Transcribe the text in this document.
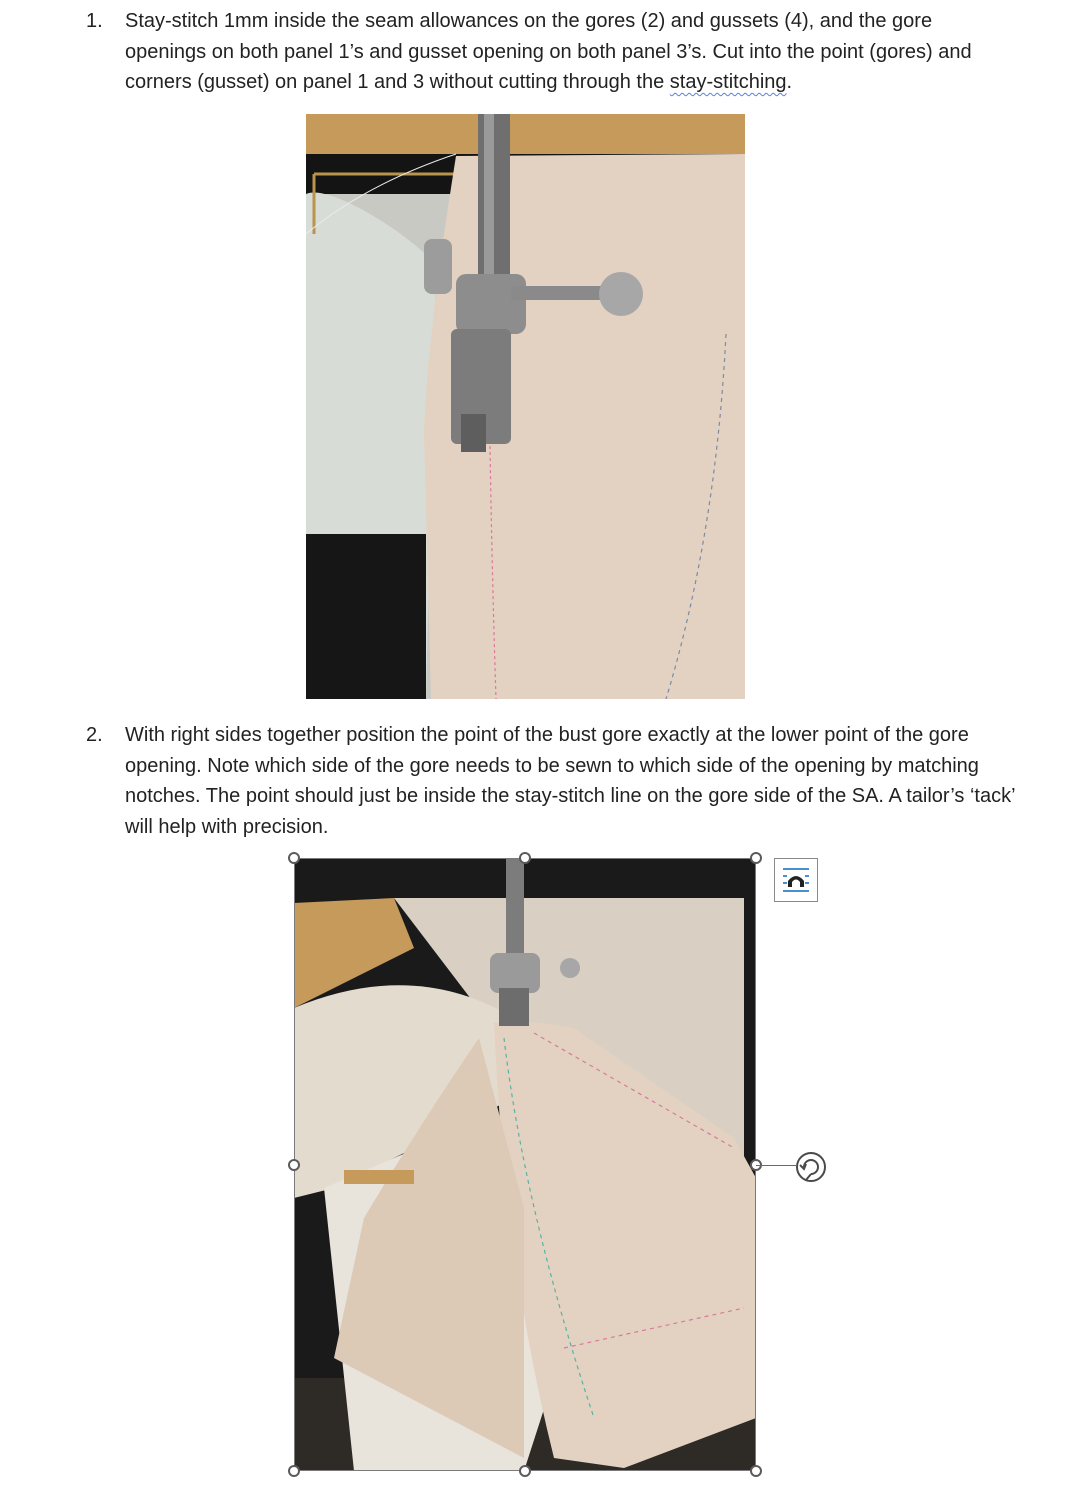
1. Stay-stitch 1mm inside the seam allowances on the gores (2) and gussets (4), and the gore openings on both panel 1’s and gusset opening on both panel 3’s. Cut into the point (gores) and corners (gusset) on panel 1 and 3 without cutting through the stay-stitching.
2. With right sides together position the point of the bust gore exactly at the lower point of the gore opening. Note which side of the gore needs to be sewn to which side of the opening by matching notches. The point should just be inside the stay-stitch line on the gore side of the SA. A tailor’s ‘tack’ will help with precision.
